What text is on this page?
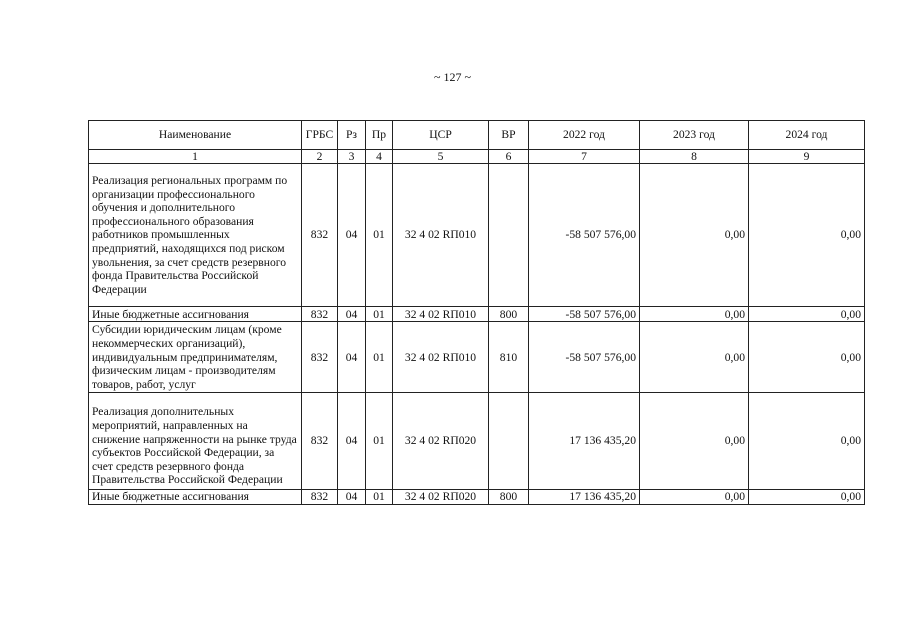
~ 127 ~
Наименование	ГРБС	Рз	Пр	ЦСР	ВР	2022 год	2023 год	2024 год
1	2	3	4	5	6	7	8	9
Реализация региональных программ по организации профессионального обучения и дополнительного профессионального образования работников промышленных предприятий, находящихся под риском увольнения, за счет средств резервного фонда Правительства Российской Федерации	832	04	01	32 4 02 RП010		-58 507 576,00	0,00	0,00
Иные бюджетные ассигнования	832	04	01	32 4 02 RП010	800	-58 507 576,00	0,00	0,00
Субсидии юридическим лицам (кроме некоммерческих организаций), индивидуальным предпринимателям, физическим лицам - производителям товаров, работ, услуг	832	04	01	32 4 02 RП010	810	-58 507 576,00	0,00	0,00
Реализация дополнительных мероприятий, направленных на снижение напряженности на рынке труда субъектов Российской Федерации, за счет средств резервного фонда Правительства Российской Федерации	832	04	01	32 4 02 RП020		17 136 435,20	0,00	0,00
Иные бюджетные ассигнования	832	04	01	32 4 02 RП020	800	17 136 435,20	0,00	0,00
